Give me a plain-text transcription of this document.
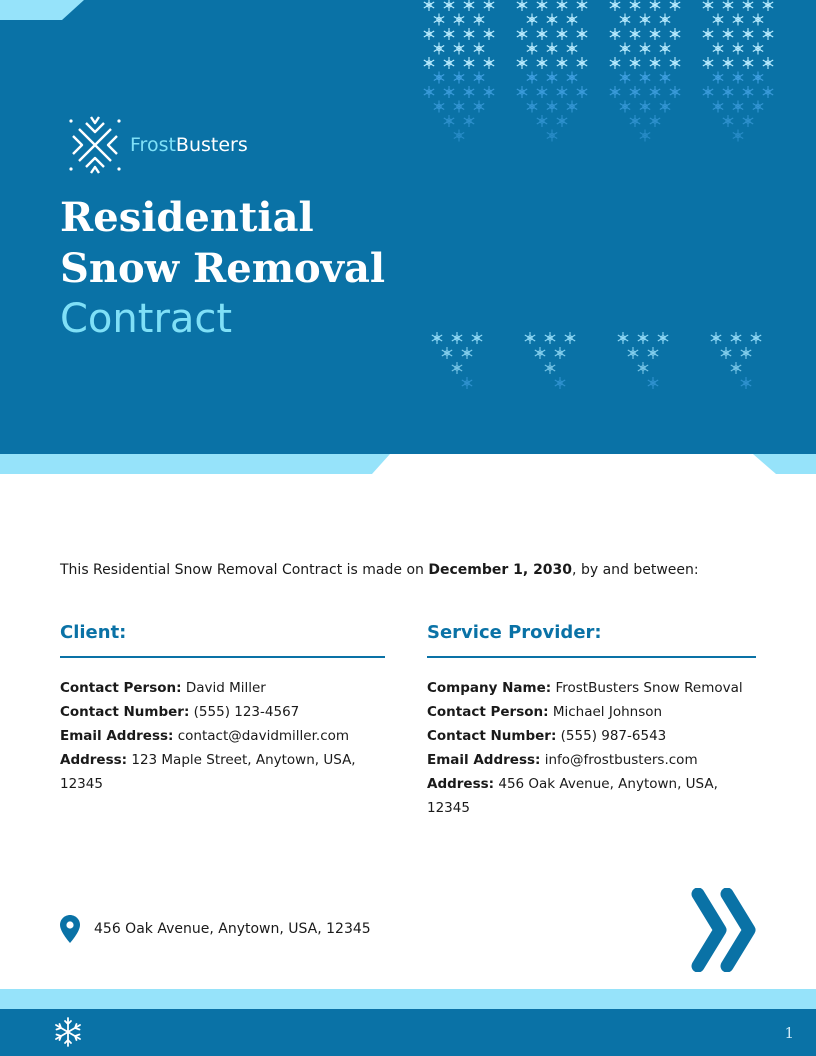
FrostBusters
Residential
Snow Removal
Contract
This Residential Snow Removal Contract is made on December 1, 2030, by and between:
Client:
Contact Person: David Miller
Contact Number: (555) 123-4567
Email Address: contact@davidmiller.com
Address: 123 Maple Street, Anytown, USA, 12345
Service Provider:
Company Name: FrostBusters Snow Removal
Contact Person: Michael Johnson
Contact Number: (555) 987-6543
Email Address: info@frostbusters.com
Address: 456 Oak Avenue, Anytown, USA, 12345
456 Oak Avenue, Anytown, USA, 12345
1
